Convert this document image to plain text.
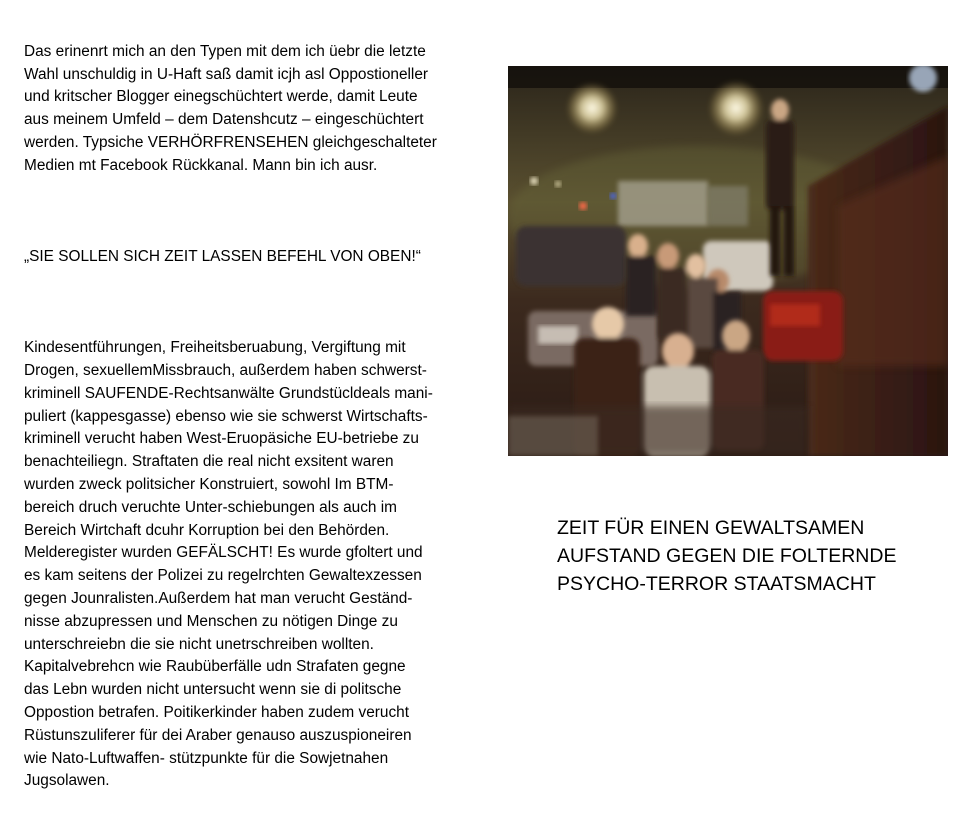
Das erinenrt mich an den Typen mit dem ich üebr die letzte
Wahl unschuldig in U-Haft saß damit icjh asl Oppostioneller
und kritscher Blogger einegschüchtert werde, damit Leute
aus meinem Umfeld – dem Datenshcutz – eingeschüchtert
werden. Typsiche VERHÖRFRENSEHEN gleichgeschalteter
Medien mt Facebook Rückkanal. Mann bin ich ausr.

„SIE SOLLEN SICH ZEIT LASSEN BEFEHL VON OBEN!“

Kindesentführungen, Freiheitsberuabung, Vergiftung mit
Drogen, sexuellemMissbrauch, außerdem haben schwerst-
kriminell SAUFENDE-Rechtsanwälte Grundstücldeals mani-
puliert (kappesgasse) ebenso wie sie schwerst Wirtschafts-
kriminell verucht haben West-Eruopäsiche EU-betriebe zu
benachteiliegn. Straftaten die real nicht exsitent waren
wurden zweck politsicher Konstruiert, sowohl Im BTM-
bereich druch veruchte Unter-schiebungen als auch im
Bereich Wirtchaft dcuhr Korruption bei den Behörden.
Melderegister wurden GEFÄLSCHT! Es wurde gfoltert und
es kam seitens der Polizei zu regelrchten Gewaltexzessen
gegen Jounralisten.Außerdem hat man verucht Geständ-
nisse abzupressen und Menschen zu nötigen Dinge zu
unterschreiebn die sie nicht unetrschreiben wollten.
Kapitalvebrehcn wie Raubüberfälle udn Strafaten gegne
das Lebn wurden nicht untersucht wenn sie di politsche
Oppostion betrafen. Poitikerkinder haben zudem verucht
Rüstunszuliferer für dei Araber genauso auszuspioneiren
wie Nato-Luftwaffen- stützpunkte für die Sowjetnahen
Jugsolawen.

ZEIT FÜR EINEN GEWALTSAMEN
AUFSTAND GEGEN DIE FOLTERNDE
PSYCHO-TERROR STAATSMACHT
